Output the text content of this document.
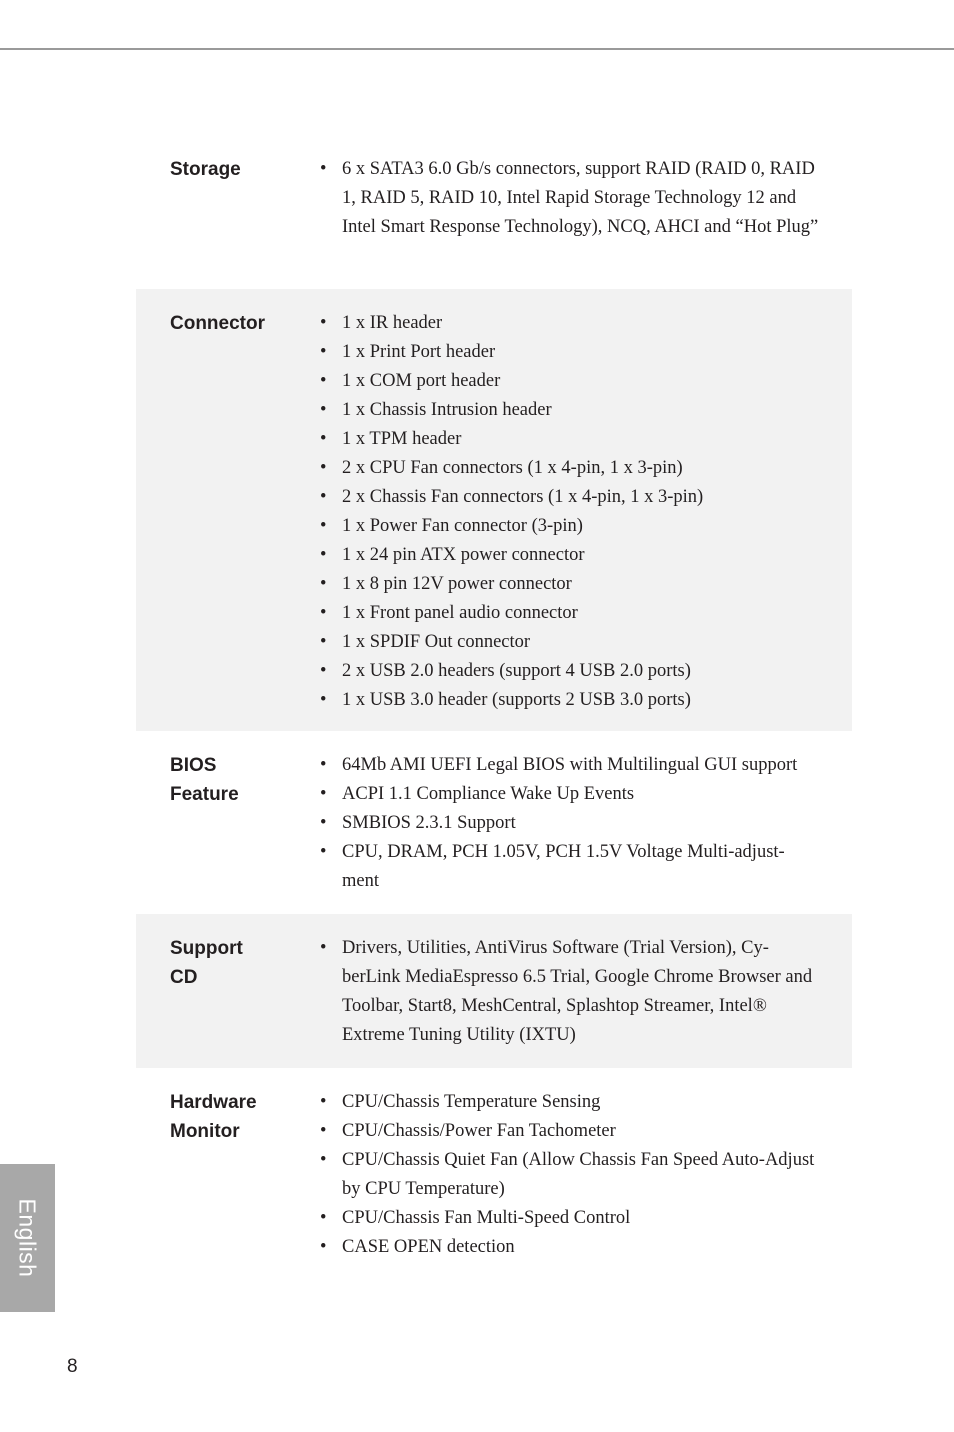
Storage	• 6 x SATA3 6.0 Gb/s connectors, support RAID (RAID 0, RAID 1, RAID 5, RAID 10, Intel Rapid Storage Technology 12 and Intel Smart Response Technology), NCQ, AHCI and “Hot Plug”
Connector	• 1 x IR header
• 1 x Print Port header
• 1 x COM port header
• 1 x Chassis Intrusion header
• 1 x TPM header
• 2 x CPU Fan connectors (1 x 4-pin, 1 x 3-pin)
• 2 x Chassis Fan connectors (1 x 4-pin, 1 x 3-pin)
• 1 x Power Fan connector (3-pin)
• 1 x 24 pin ATX power connector
• 1 x 8 pin 12V power connector
• 1 x Front panel audio connector
• 1 x SPDIF Out connector
• 2 x USB 2.0 headers (support 4 USB 2.0 ports)
• 1 x USB 3.0 header (supports 2 USB 3.0 ports)
BIOS
Feature
• 64Mb AMI UEFI Legal BIOS with Multilingual GUI support
• ACPI 1.1 Compliance Wake Up Events
• SMBIOS 2.3.1 Support
• CPU, DRAM, PCH 1.05V, PCH 1.5V Voltage Multi-adjust-ment
Support
CD
• Drivers, Utilities, AntiVirus Software (Trial Version), Cy-berLink MediaEspresso 6.5 Trial, Google Chrome Browser and Toolbar, Start8, MeshCentral, Splashtop Streamer, Intel® Extreme Tuning Utility (IXTU)
Hardware
Monitor
• CPU/Chassis Temperature Sensing
• CPU/Chassis/Power Fan Tachometer
• CPU/Chassis Quiet Fan (Allow Chassis Fan Speed Auto-Adjust by CPU Temperature)
• CPU/Chassis Fan Multi-Speed Control
• CASE OPEN detection
English
8
